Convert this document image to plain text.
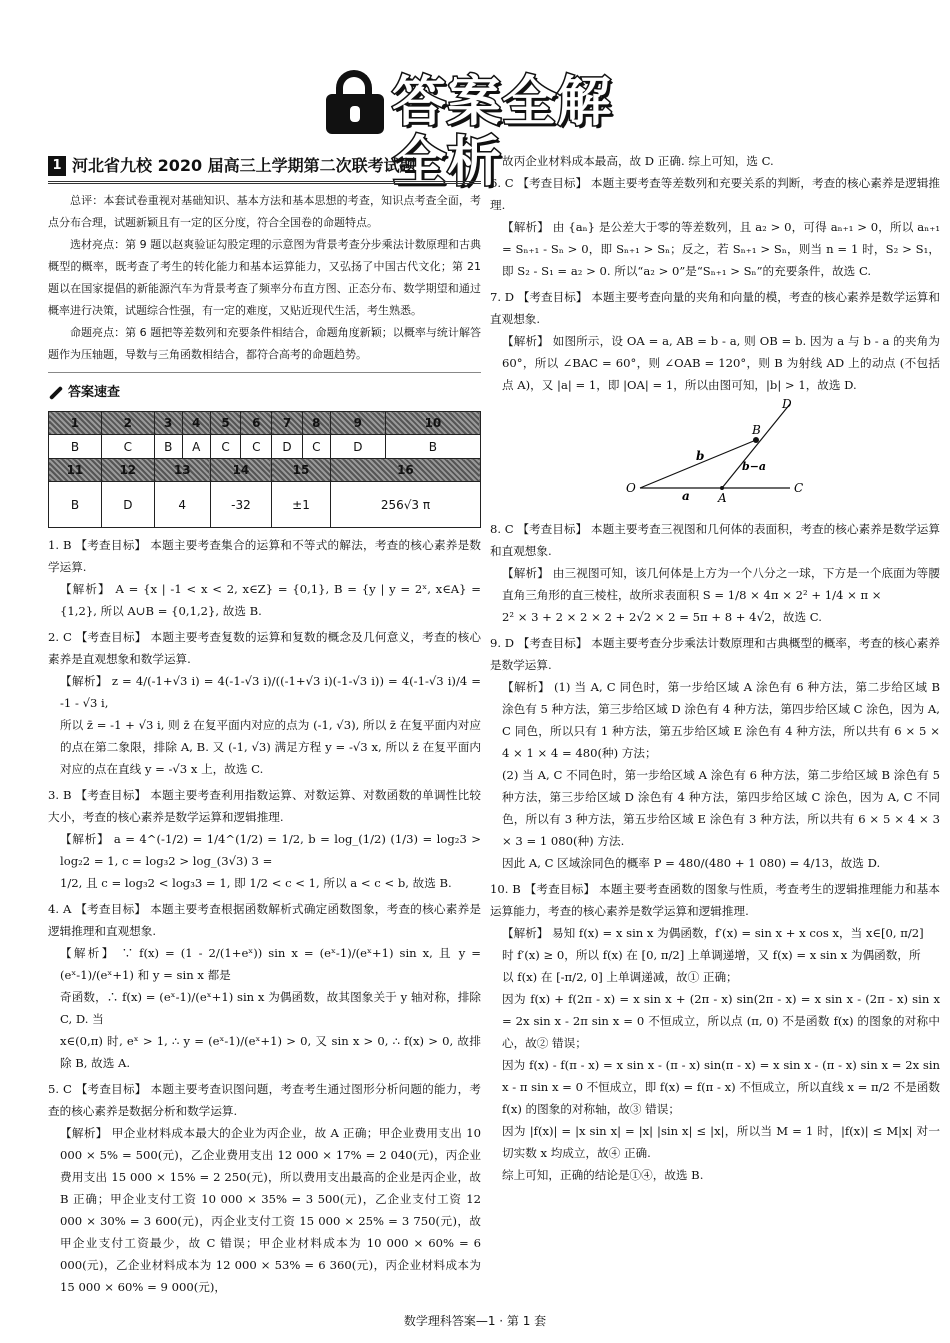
答案全解全析
1 河北省九校 2020 届高三上学期第二次联考试题

总评：本套试卷重视对基础知识、基本方法和基本思想的考查，知识点考查全面，考点分布合理，试题新颖且有一定的区分度，符合全国卷的命题特点。

选材亮点：第 9 题以赵爽验证勾股定理的示意图为背景考查分步乘法计数原理和古典概型的概率，既考查了考生的转化能力和基本运算能力，又弘扬了中国古代文化；第 21 题以在国家提倡的新能源汽车为背景考查了频率分布直方图、正态分布、数学期望和通过概率进行决策，试题综合性强，有一定的难度，又贴近现代生活，考生熟悉。

命题亮点：第 6 题把等差数列和充要条件相结合，命题角度新颖；以概率与统计解答题作为压轴题，导数与三角函数相结合，都符合高考的命题趋势。

答案速查
1	2	3	4	5	6	7	8	9	10
B	C	B	A	C	C	D	C	D	B
11	12	13		14		15		16	
B	D	4		-32		±1		256√3 π	

1. B 【考查目标】 本题主要考查集合的运算和不等式的解法，考查的核心素养是数学运算.

【解析】 A = {x | -1 < x < 2, x∈Z} = {0,1}, B = {y | y = 2ˣ, x∈A} = {1,2}, 所以 A∪B = {0,1,2}, 故选 B.

2. C 【考查目标】 本题主要考查复数的运算和复数的概念及几何意义，考查的核心素养是直观想象和数学运算.

【解析】 z = 4/(-1+√3 i) = 4(-1-√3 i)/((-1+√3 i)(-1-√3 i)) = 4(-1-√3 i)/4 = -1 - √3 i,

所以 z̄ = -1 + √3 i, 则 z̄ 在复平面内对应的点为 (-1, √3), 所以 z̄ 在复平面内对应的点在第二象限，排除 A, B. 又 (-1, √3) 满足方程 y = -√3 x, 所以 z̄ 在复平面内对应的点在直线 y = -√3 x 上，故选 C.

3. B 【考查目标】 本题主要考查利用指数运算、对数运算、对数函数的单调性比较大小，考查的核心素养是数学运算和逻辑推理.

【解析】 a = 4^(-1/2) = 1/4^(1/2) = 1/2, b = log_(1/2) (1/3) = log₂3 > log₂2 = 1, c = log₃2 > log_(3√3) 3 =

1/2, 且 c = log₃2 < log₃3 = 1, 即 1/2 < c < 1, 所以 a < c < b, 故选 B.

4. A 【考查目标】 本题主要考查根据函数解析式确定函数图象，考查的核心素养是逻辑推理和直观想象.

【解析】 ∵ f(x) = (1 - 2/(1+eˣ)) sin x = (eˣ-1)/(eˣ+1) sin x, 且 y = (eˣ-1)/(eˣ+1) 和 y = sin x 都是

奇函数，∴ f(x) = (eˣ-1)/(eˣ+1) sin x 为偶函数，故其图象关于 y 轴对称，排除 C, D. 当

x∈(0,π) 时, eˣ > 1, ∴ y = (eˣ-1)/(eˣ+1) > 0, 又 sin x > 0, ∴ f(x) > 0, 故排除 B, 故选 A.

5. C 【考查目标】 本题主要考查识图问题，考查考生通过图形分析问题的能力，考查的核心素养是数据分析和数学运算.

【解析】 甲企业材料成本最大的企业为丙企业，故 A 正确；甲企业费用支出 10 000 × 5% = 500(元)，乙企业费用支出 12 000 × 17% = 2 040(元)，丙企业费用支出 15 000 × 15% = 2 250(元)，所以费用支出最高的企业是丙企业，故 B 正确；甲企业支付工资 10 000 × 35% = 3 500(元)，乙企业支付工资 12 000 × 30% = 3 600(元)，丙企业支付工资 15 000 × 25% = 3 750(元)，故甲企业支付工资最少，故 C 错误；甲企业材料成本为 10 000 × 60% = 6 000(元)，乙企业材料成本为 12 000 × 53% = 6 360(元)，丙企业材料成本为 15 000 × 60% = 9 000(元)，

故丙企业材料成本最高，故 D 正确. 综上可知，选 C.

6. C 【考查目标】 本题主要考查等差数列和充要关系的判断，考查的核心素养是逻辑推理.

【解析】 由 {aₙ} 是公差大于零的等差数列，且 a₂ > 0，可得 aₙ₊₁ > 0，所以 aₙ₊₁ = Sₙ₊₁ - Sₙ > 0，即 Sₙ₊₁ > Sₙ；反之，若 Sₙ₊₁ > Sₙ，则当 n = 1 时，S₂ > S₁，即 S₂ - S₁ = a₂ > 0. 所以“a₂ > 0”是“Sₙ₊₁ > Sₙ”的充要条件，故选 C.

7. D 【考查目标】 本题主要考查向量的夹角和向量的模，考查的核心素养是数学运算和直观想象.

【解析】 如图所示，设 OA = a, AB = b - a, 则 OB = b. 因为 a 与 b - a 的夹角为 60°，所以 ∠BAC = 60°，则 ∠OAB = 120°，则 B 为射线 AD 上的动点 (不包括点 A)，又 |a| = 1，即 |OA| = 1，所以由图可知，|b| > 1，故选 D.

O
A
B
C
D
a
b
b−a

8. C 【考查目标】 本题主要考查三视图和几何体的表面积，考查的核心素养是数学运算和直观想象.

【解析】 由三视图可知，该几何体是上方为一个八分之一球，下方是一个底面为等腰直角三角形的直三棱柱，故所求表面积 S = 1/8 × 4π × 2² + 1/4 × π ×

2² × 3 + 2 × 2 × 2 + 2√2 × 2 = 5π + 8 + 4√2，故选 C.

9. D 【考查目标】 本题主要考查分步乘法计数原理和古典概型的概率，考查的核心素养是数学运算.

【解析】 (1) 当 A, C 同色时，第一步给区域 A 涂色有 6 种方法，第二步给区域 B 涂色有 5 种方法，第三步给区域 D 涂色有 4 种方法，第四步给区域 C 涂色，因为 A, C 同色，所以只有 1 种方法，第五步给区域 E 涂色有 4 种方法，所以共有 6 × 5 × 4 × 1 × 4 = 480(种) 方法；

(2) 当 A, C 不同色时，第一步给区域 A 涂色有 6 种方法，第二步给区域 B 涂色有 5 种方法，第三步给区域 D 涂色有 4 种方法，第四步给区域 C 涂色，因为 A, C 不同色，所以有 3 种方法，第五步给区域 E 涂色有 3 种方法，所以共有 6 × 5 × 4 × 3 × 3 = 1 080(种) 方法.

因此 A, C 区域涂同色的概率 P = 480/(480 + 1 080) = 4/13，故选 D.

10. B 【考查目标】 本题主要考查函数的图象与性质，考查考生的逻辑推理能力和基本运算能力，考查的核心素养是数学运算和逻辑推理.

【解析】 易知 f(x) = x sin x 为偶函数，f′(x) = sin x + x cos x，当 x∈[0, π/2]

时 f′(x) ≥ 0，所以 f(x) 在 [0, π/2] 上单调递增，又 f(x) = x sin x 为偶函数，所

以 f(x) 在 [-π/2, 0] 上单调递减，故① 正确；

因为 f(x) + f(2π - x) = x sin x + (2π - x) sin(2π - x) = x sin x - (2π - x) sin x = 2x sin x - 2π sin x = 0 不恒成立，所以点 (π, 0) 不是函数 f(x) 的图象的对称中心，故② 错误；

因为 f(x) - f(π - x) = x sin x - (π - x) sin(π - x) = x sin x - (π - x) sin x = 2x sin x - π sin x = 0 不恒成立，即 f(x) = f(π - x) 不恒成立，所以直线 x = π/2 不是函数 f(x) 的图象的对称轴，故③ 错误；

因为 |f(x)| = |x sin x| = |x| |sin x| ≤ |x|，所以当 M = 1 时，|f(x)| ≤ M|x| 对一切实数 x 均成立，故④ 正确.

综上可知，正确的结论是①④，故选 B.

数学理科答案—1 · 第 1 套
